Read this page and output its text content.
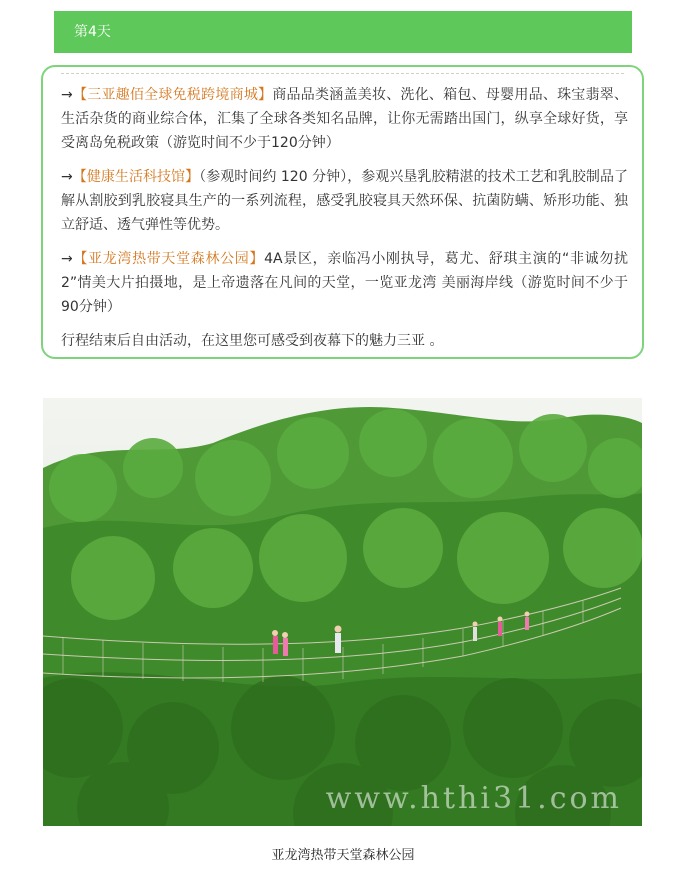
第4天

→【三亚趣佰全球免税跨境商城】商品品类涵盖美妆、洗化、箱包、母婴用品、珠宝翡翠、生活杂货的商业综合体，汇集了全球各类知名品牌，让你无需踏出国门，纵享全球好货，享受离岛免税政策（游览时间不少于120分钟）

→【健康生活科技馆】（参观时间约 120 分钟），参观兴垦乳胶精湛的技术工艺和乳胶制品了解从割胶到乳胶寝具生产的一系列流程，感受乳胶寝具天然环保、抗菌防螨、矫形功能、独立舒适、透气弹性等优势。

→【亚龙湾热带天堂森林公园】4A景区，亲临冯小刚执导，葛尤、舒琪主演的“非诚勿扰 2”情美大片拍摄地，是上帝遗落在凡间的天堂，一览亚龙湾 美丽海岸线（游览时间不少于90分钟）

行程结束后自由活动，在这里您可感受到夜幕下的魅力三亚 。

www.hthi31.com
亚龙湾热带天堂森林公园
